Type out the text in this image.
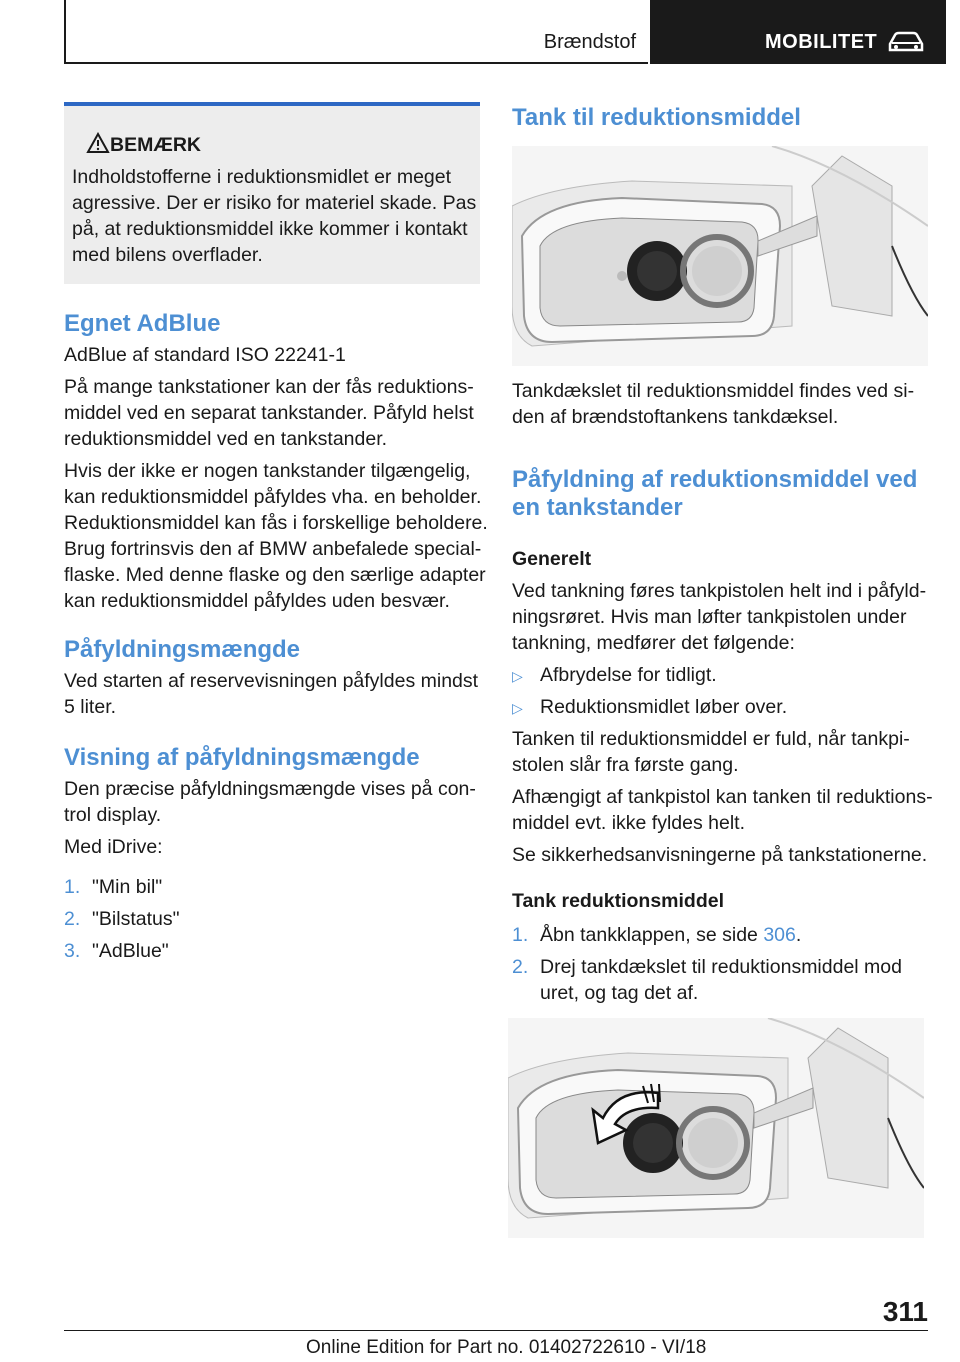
Brændstof	MOBILITET
BEMÆRK
Indholdstofferne i reduktionsmidlet er meget
agressive. Der er risiko for materiel skade. Pas
på, at reduktionsmiddel ikke kommer i kontakt
med bilens overflader.
Egnet AdBlue
AdBlue af standard ISO 22241-1
På mange tankstationer kan der fås reduktions-
middel ved en separat tankstander. Påfyld helst
reduktionsmiddel ved en tankstander.
Hvis der ikke er nogen tankstander tilgængelig,
kan reduktionsmiddel påfyldes vha. en beholder.
Reduktionsmiddel kan fås i forskellige beholdere.
Brug fortrinsvis den af BMW anbefalede special-
flaske. Med denne flaske og den særlige adapter
kan reduktionsmiddel påfyldes uden besvær.
Påfyldningsmængde
Ved starten af reservevisningen påfyldes mindst
5 liter.
Visning af påfyldningsmængde
Den præcise påfyldningsmængde vises på con-
trol display.
Med iDrive:
1. "Min bil"
2. "Bilstatus"
3. "AdBlue"
Tank til reduktionsmiddel
Tankdækslet til reduktionsmiddel findes ved si-
den af brændstoftankens tankdæksel.
Påfyldning af reduktionsmiddel ved
en tankstander
Generelt
Ved tankning føres tankpistolen helt ind i påfyld-
ningsrøret. Hvis man løfter tankpistolen under
tankning, medfører det følgende:
▷ Afbrydelse for tidligt.
▷ Reduktionsmidlet løber over.
Tanken til reduktionsmiddel er fuld, når tankpi-
stolen slår fra første gang.
Afhængigt af tankpistol kan tanken til reduktions-
middel evt. ikke fyldes helt.
Se sikkerhedsanvisningerne på tankstationerne.
Tank reduktionsmiddel
1. Åbn tankklappen, se side 306.
2. Drej tankdækslet til reduktionsmiddel mod
uret, og tag det af.
311
Online Edition for Part no. 01402722610 - VI/18
